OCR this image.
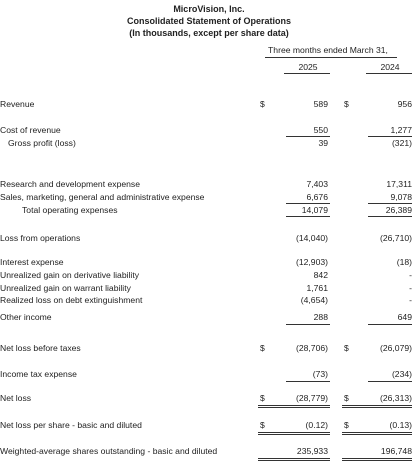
MicroVision, Inc.
Consolidated Statement of Operations
(In thousands, except per share data)
Three months ended March 31,
2025	2024
Revenue	$	589 $	956
Cost of revenue	550	1,277
Gross profit (loss)	39	(321)
Research and development expense	7,403	17,311
Sales, marketing, general and administrative expense	6,676	9,078
Total operating expenses	14,079	26,389
Loss from operations	(14,040)	(26,710)
Interest expense	(12,903)	(18)
Unrealized gain on derivative liability	842	-
Unrealized gain on warrant liability	1,761	-
Realized loss on debt extinguishment	(4,654)	-
Other income	288	649
Net loss before taxes	$	(28,706) $	(26,079)
Income tax expense	(73)	(234)
Net loss	$	(28,779) $	(26,313)
Net loss per share - basic and diluted	$	(0.12) $	(0.13)
Weighted-average shares outstanding - basic and diluted	235,933	196,748
